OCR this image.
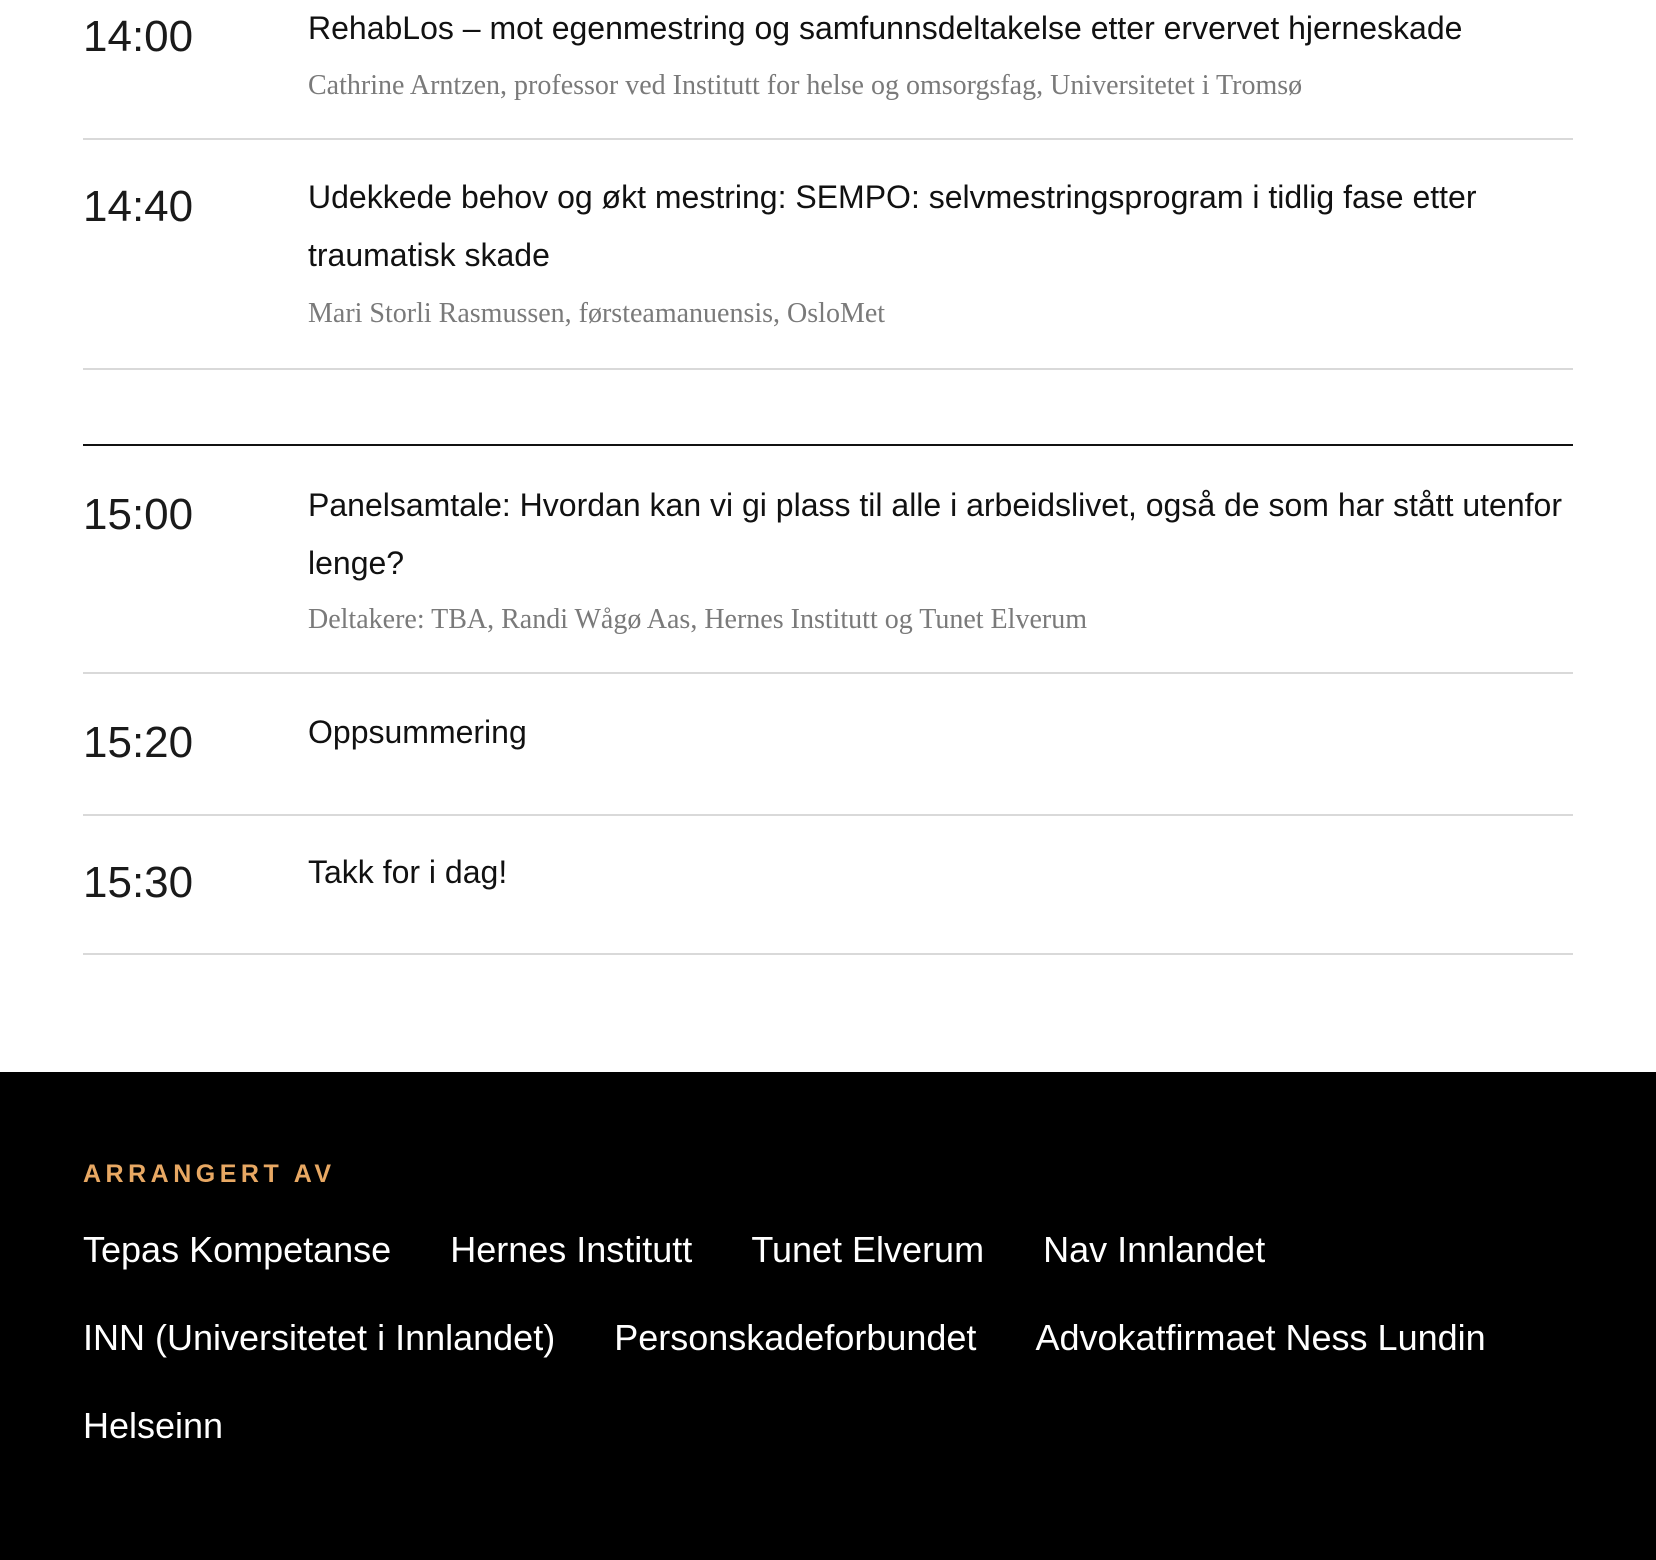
14:00	RehabLos – mot egenmestring og samfunnsdeltakelse etter ervervet hjerneskade
Cathrine Arntzen, professor ved Institutt for helse og omsorgsfag, Universitetet i Tromsø
14:40	Udekkede behov og økt mestring: SEMPO: selvmestringsprogram i tidlig fase etter traumatisk skade
Mari Storli Rasmussen, førsteamanuensis, OsloMet
15:00	Panelsamtale: Hvordan kan vi gi plass til alle i arbeidslivet, også de som har stått utenfor lenge?
Deltakere: TBA, Randi Wågø Aas, Hernes Institutt og Tunet Elverum
15:20	Oppsummering
15:30	Takk for i dag!
ARRANGERT AV
Tepas Kompetanse Hernes Institutt Tunet Elverum Nav Innlandet
INN (Universitetet i Innlandet) Personskadeforbundet Advokatfirmaet Ness Lundin
Helseinn
